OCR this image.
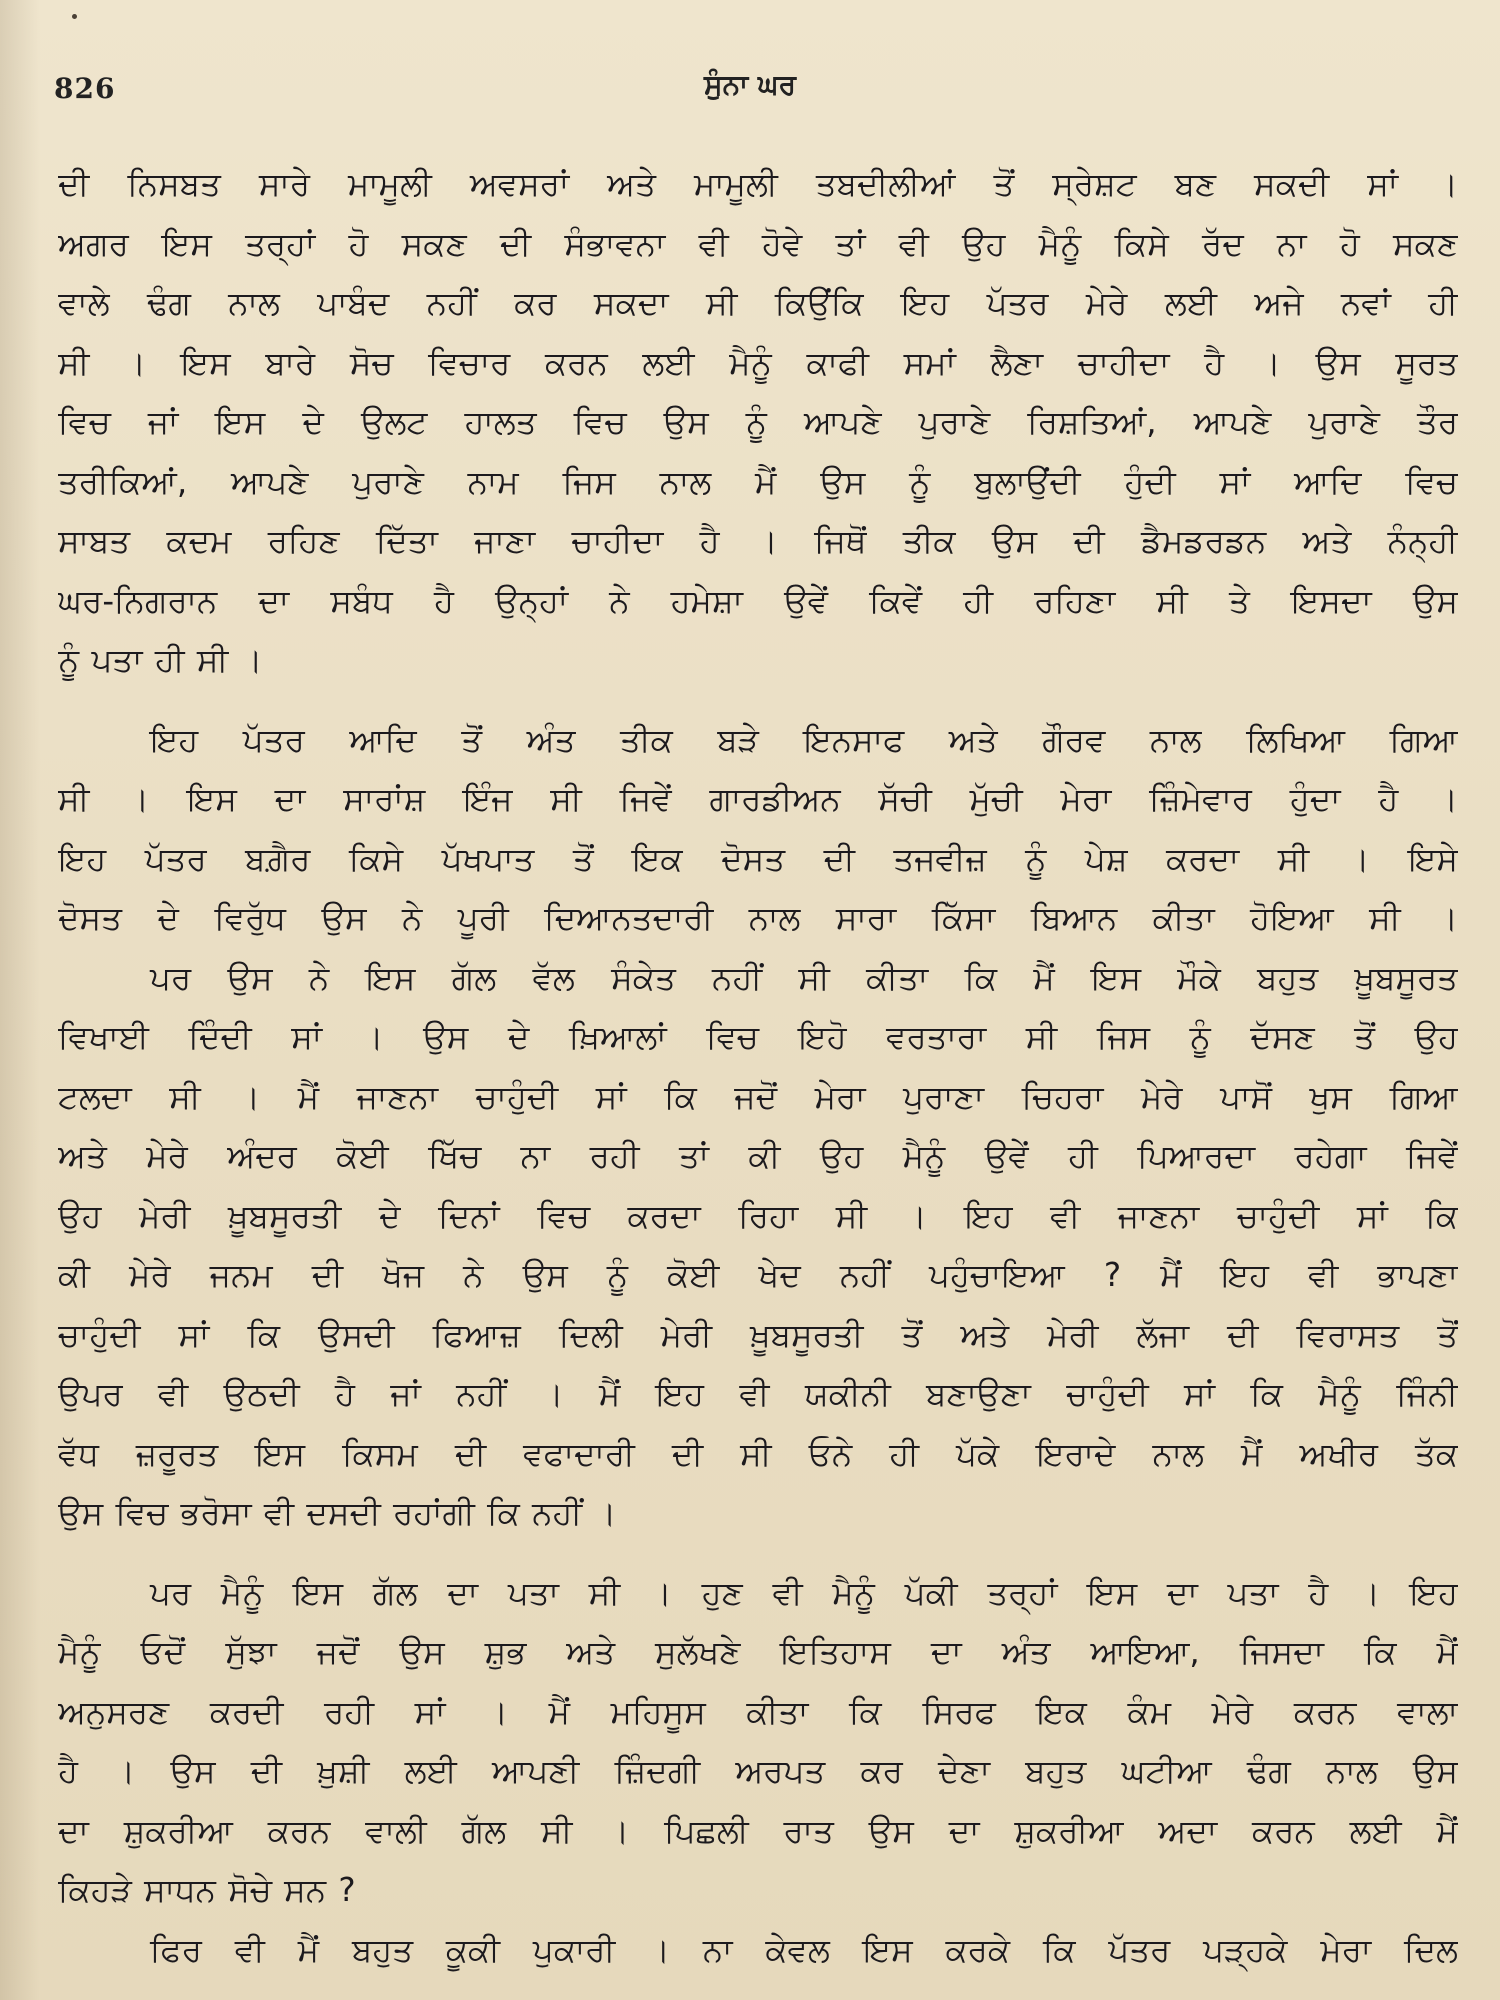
826	ਸੁੰਨਾ ਘਰ
ਦੀ ਨਿਸਬਤ ਸਾਰੇ ਮਾਮੂਲੀ ਅਵਸਰਾਂ ਅਤੇ ਮਾਮੂਲੀ ਤਬਦੀਲੀਆਂ ਤੋਂ ਸ੍ਰੇਸ਼ਟ ਬਣ ਸਕਦੀ ਸਾਂ ।
ਅਗਰ ਇਸ ਤਰ੍ਹਾਂ ਹੋ ਸਕਣ ਦੀ ਸੰਭਾਵਨਾ ਵੀ ਹੋਵੇ ਤਾਂ ਵੀ ਉਹ ਮੈਨੂੰ ਕਿਸੇ ਰੱਦ ਨਾ ਹੋ ਸਕਣ
ਵਾਲੇ ਢੰਗ ਨਾਲ ਪਾਬੰਦ ਨਹੀਂ ਕਰ ਸਕਦਾ ਸੀ ਕਿਉਂਕਿ ਇਹ ਪੱਤਰ ਮੇਰੇ ਲਈ ਅਜੇ ਨਵਾਂ ਹੀ
ਸੀ । ਇਸ ਬਾਰੇ ਸੋਚ ਵਿਚਾਰ ਕਰਨ ਲਈ ਮੈਨੂੰ ਕਾਫੀ ਸਮਾਂ ਲੈਣਾ ਚਾਹੀਦਾ ਹੈ । ਉਸ ਸੂਰਤ
ਵਿਚ ਜਾਂ ਇਸ ਦੇ ਉਲਟ ਹਾਲਤ ਵਿਚ ਉਸ ਨੂੰ ਆਪਣੇ ਪੁਰਾਣੇ ਰਿਸ਼ਤਿਆਂ, ਆਪਣੇ ਪੁਰਾਣੇ ਤੌਰ
ਤਰੀਕਿਆਂ, ਆਪਣੇ ਪੁਰਾਣੇ ਨਾਮ ਜਿਸ ਨਾਲ ਮੈਂ ਉਸ ਨੂੰ ਬੁਲਾਉਂਦੀ ਹੁੰਦੀ ਸਾਂ ਆਦਿ ਵਿਚ
ਸਾਬਤ ਕਦਮ ਰਹਿਣ ਦਿੱਤਾ ਜਾਣਾ ਚਾਹੀਦਾ ਹੈ । ਜਿਥੋਂ ਤੀਕ ਉਸ ਦੀ ਡੈਮਡਰਡਨ ਅਤੇ ਨੰਨ੍ਹੀ
ਘਰ-ਨਿਗਰਾਨ ਦਾ ਸਬੰਧ ਹੈ ਉਨ੍ਹਾਂ ਨੇ ਹਮੇਸ਼ਾ ਉਵੇਂ ਕਿਵੇਂ ਹੀ ਰਹਿਣਾ ਸੀ ਤੇ ਇਸਦਾ ਉਸ
ਨੂੰ ਪਤਾ ਹੀ ਸੀ ।
ਇਹ ਪੱਤਰ ਆਦਿ ਤੋਂ ਅੰਤ ਤੀਕ ਬੜੇ ਇਨਸਾਫ ਅਤੇ ਗੌਰਵ ਨਾਲ ਲਿਖਿਆ ਗਿਆ
ਸੀ । ਇਸ ਦਾ ਸਾਰਾਂਸ਼ ਇੰਜ ਸੀ ਜਿਵੇਂ ਗਾਰਡੀਅਨ ਸੱਚੀ ਮੁੱਚੀ ਮੇਰਾ ਜ਼ਿੰਮੇਵਾਰ ਹੁੰਦਾ ਹੈ ।
ਇਹ ਪੱਤਰ ਬਗ਼ੈਰ ਕਿਸੇ ਪੱਖਪਾਤ ਤੋਂ ਇਕ ਦੋਸਤ ਦੀ ਤਜਵੀਜ਼ ਨੂੰ ਪੇਸ਼ ਕਰਦਾ ਸੀ । ਇਸੇ
ਦੋਸਤ ਦੇ ਵਿਰੁੱਧ ਉਸ ਨੇ ਪੂਰੀ ਦਿਆਨਤਦਾਰੀ ਨਾਲ ਸਾਰਾ ਕਿੱਸਾ ਬਿਆਨ ਕੀਤਾ ਹੋਇਆ ਸੀ ।
ਪਰ ਉਸ ਨੇ ਇਸ ਗੱਲ ਵੱਲ ਸੰਕੇਤ ਨਹੀਂ ਸੀ ਕੀਤਾ ਕਿ ਮੈਂ ਇਸ ਮੌਕੇ ਬਹੁਤ ਖ਼ੂਬਸੂਰਤ
ਵਿਖਾਈ ਦਿੰਦੀ ਸਾਂ । ਉਸ ਦੇ ਖ਼ਿਆਲਾਂ ਵਿਚ ਇਹੋ ਵਰਤਾਰਾ ਸੀ ਜਿਸ ਨੂੰ ਦੱਸਣ ਤੋਂ ਉਹ
ਟਲਦਾ ਸੀ । ਮੈਂ ਜਾਣਨਾ ਚਾਹੁੰਦੀ ਸਾਂ ਕਿ ਜਦੋਂ ਮੇਰਾ ਪੁਰਾਣਾ ਚਿਹਰਾ ਮੇਰੇ ਪਾਸੋਂ ਖੁਸ ਗਿਆ
ਅਤੇ ਮੇਰੇ ਅੰਦਰ ਕੋਈ ਖਿੱਚ ਨਾ ਰਹੀ ਤਾਂ ਕੀ ਉਹ ਮੈਨੂੰ ਉਵੇਂ ਹੀ ਪਿਆਰਦਾ ਰਹੇਗਾ ਜਿਵੇਂ
ਉਹ ਮੇਰੀ ਖ਼ੂਬਸੂਰਤੀ ਦੇ ਦਿਨਾਂ ਵਿਚ ਕਰਦਾ ਰਿਹਾ ਸੀ । ਇਹ ਵੀ ਜਾਣਨਾ ਚਾਹੁੰਦੀ ਸਾਂ ਕਿ
ਕੀ ਮੇਰੇ ਜਨਮ ਦੀ ਖੋਜ ਨੇ ਉਸ ਨੂੰ ਕੋਈ ਖੇਦ ਨਹੀਂ ਪਹੁੰਚਾਇਆ ? ਮੈਂ ਇਹ ਵੀ ਭਾਪਣਾ
ਚਾਹੁੰਦੀ ਸਾਂ ਕਿ ਉਸਦੀ ਫਿਆਜ਼ ਦਿਲੀ ਮੇਰੀ ਖ਼ੂਬਸੂਰਤੀ ਤੋਂ ਅਤੇ ਮੇਰੀ ਲੱਜਾ ਦੀ ਵਿਰਾਸਤ ਤੋਂ
ਉਪਰ ਵੀ ਉਠਦੀ ਹੈ ਜਾਂ ਨਹੀਂ । ਮੈਂ ਇਹ ਵੀ ਯਕੀਨੀ ਬਣਾਉਣਾ ਚਾਹੁੰਦੀ ਸਾਂ ਕਿ ਮੈਨੂੰ ਜਿੰਨੀ
ਵੱਧ ਜ਼ਰੂਰਤ ਇਸ ਕਿਸਮ ਦੀ ਵਫਾਦਾਰੀ ਦੀ ਸੀ ਓਨੇ ਹੀ ਪੱਕੇ ਇਰਾਦੇ ਨਾਲ ਮੈਂ ਅਖੀਰ ਤੱਕ
ਉਸ ਵਿਚ ਭਰੋਸਾ ਵੀ ਦਸਦੀ ਰਹਾਂਗੀ ਕਿ ਨਹੀਂ ।
ਪਰ ਮੈਨੂੰ ਇਸ ਗੱਲ ਦਾ ਪਤਾ ਸੀ । ਹੁਣ ਵੀ ਮੈਨੂੰ ਪੱਕੀ ਤਰ੍ਹਾਂ ਇਸ ਦਾ ਪਤਾ ਹੈ । ਇਹ
ਮੈਨੂੰ ਓਦੋਂ ਸੁੱਝਾ ਜਦੋਂ ਉਸ ਸ਼ੁਭ ਅਤੇ ਸੁਲੱਖਣੇ ਇਤਿਹਾਸ ਦਾ ਅੰਤ ਆਇਆ, ਜਿਸਦਾ ਕਿ ਮੈਂ
ਅਨੁਸਰਣ ਕਰਦੀ ਰਹੀ ਸਾਂ । ਮੈਂ ਮਹਿਸੂਸ ਕੀਤਾ ਕਿ ਸਿਰਫ ਇਕ ਕੰਮ ਮੇਰੇ ਕਰਨ ਵਾਲਾ
ਹੈ । ਉਸ ਦੀ ਖ਼ੁਸ਼ੀ ਲਈ ਆਪਣੀ ਜ਼ਿੰਦਗੀ ਅਰਪਤ ਕਰ ਦੇਣਾ ਬਹੁਤ ਘਟੀਆ ਢੰਗ ਨਾਲ ਉਸ
ਦਾ ਸ਼ੁਕਰੀਆ ਕਰਨ ਵਾਲੀ ਗੱਲ ਸੀ । ਪਿਛਲੀ ਰਾਤ ਉਸ ਦਾ ਸ਼ੁਕਰੀਆ ਅਦਾ ਕਰਨ ਲਈ ਮੈਂ
ਕਿਹੜੇ ਸਾਧਨ ਸੋਚੇ ਸਨ ?
ਫਿਰ ਵੀ ਮੈਂ ਬਹੁਤ ਕੂਕੀ ਪੁਕਾਰੀ । ਨਾ ਕੇਵਲ ਇਸ ਕਰਕੇ ਕਿ ਪੱਤਰ ਪੜ੍ਹਕੇ ਮੇਰਾ ਦਿਲ
